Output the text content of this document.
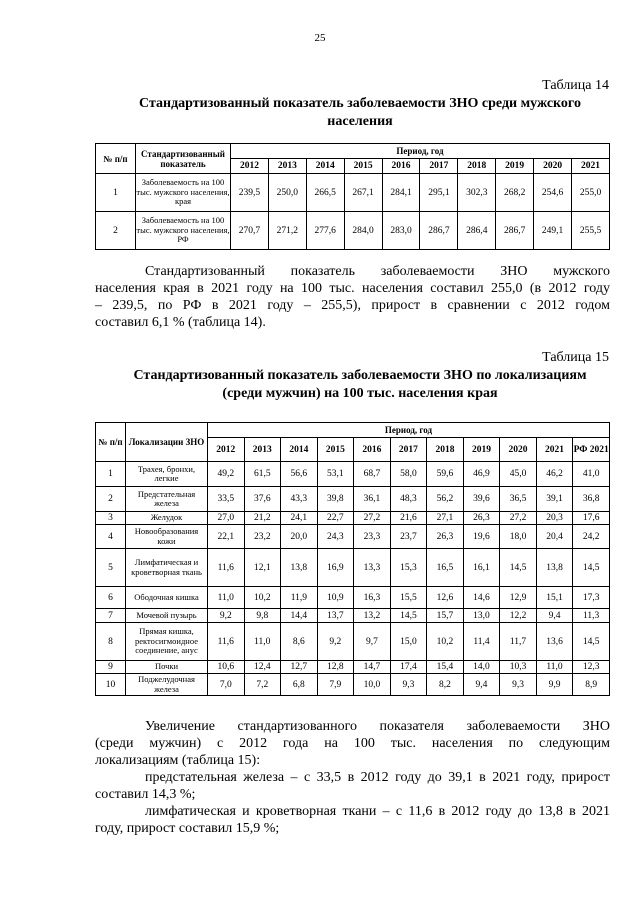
25
Таблица 14
Стандартизованный показатель заболеваемости ЗНО среди мужского
населения
№ п/п	Стандартизованный показатель	Период, год									
		2012	2013	2014	2015	2016	2017	2018	2019	2020	2021
1	Заболеваемость на 100 тыс. мужского населения, края	239,5	250,0	266,5	267,1	284,1	295,1	302,3	268,2	254,6	255,0
2	Заболеваемость на 100 тыс. мужского населения, РФ	270,7	271,2	277,6	284,0	283,0	286,7	286,4	286,7	249,1	255,5
Стандартизованный показатель заболеваемости ЗНО мужского
населения края в 2021 году на 100 тыс. населения составил 255,0 (в 2012 году
– 239,5, по РФ в 2021 году – 255,5), прирост в сравнении с 2012 годом
составил 6,1 % (таблица 14).
Таблица 15
Стандартизованный показатель заболеваемости ЗНО по локализациям
(среди мужчин) на 100 тыс. населения края
№ п/п	Локализации ЗНО	Период, год										
		2012	2013	2014	2015	2016	2017	2018	2019	2020	2021	РФ 2021
1	Трахея, бронхи, легкие	49,2	61,5	56,6	53,1	68,7	58,0	59,6	46,9	45,0	46,2	41,0
2	Предстательная железа	33,5	37,6	43,3	39,8	36,1	48,3	56,2	39,6	36,5	39,1	36,8
3	Желудок	27,0	21,2	24,1	22,7	27,2	21,6	27,1	26,3	27,2	20,3	17,6
4	Новообразования кожи	22,1	23,2	20,0	24,3	23,3	23,7	26,3	19,6	18,0	20,4	24,2
5	Лимфатическая и кроветворная ткань	11,6	12,1	13,8	16,9	13,3	15,3	16,5	16,1	14,5	13,8	14,5
6	Ободочная кишка	11,0	10,2	11,9	10,9	16,3	15,5	12,6	14,6	12,9	15,1	17,3
7	Мочевой пузырь	9,2	9,8	14,4	13,7	13,2	14,5	15,7	13,0	12,2	9,4	11,3
8	Прямая кишка, ректосигмоидное соединение, анус	11,6	11,0	8,6	9,2	9,7	15,0	10,2	11,4	11,7	13,6	14,5
9	Почки	10,6	12,4	12,7	12,8	14,7	17,4	15,4	14,0	10,3	11,0	12,3
10	Поджелудочная железа	7,0	7,2	6,8	7,9	10,0	9,3	8,2	9,4	9,3	9,9	8,9
Увеличение стандартизованного показателя заболеваемости ЗНО
(среди мужчин) с 2012 года на 100 тыс. населения по следующим
локализациям (таблица 15):
предстательная железа – с 33,5 в 2012 году до 39,1 в 2021 году, прирост
составил 14,3 %;
лимфатическая и кроветворная ткани – с 11,6 в 2012 году до 13,8 в 2021
году, прирост составил 15,9 %;
